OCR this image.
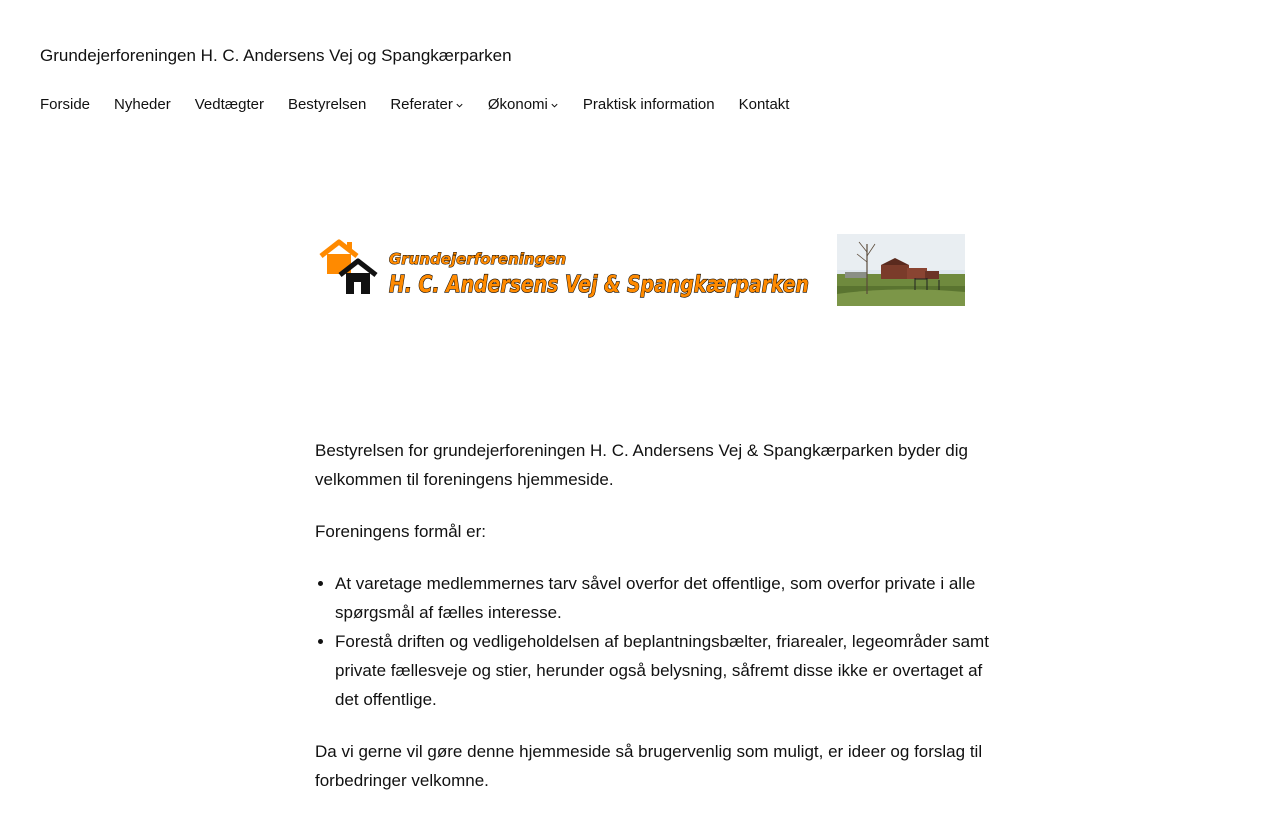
Grundejerforeningen H. C. Andersens Vej og Spangkærparken
Forside Nyheder Vedtægter Bestyrelsen Referater Økonomi Praktisk information Kontakt
Grundejerforeningen
H. C. Andersens Vej & Spangkærparken

Bestyrelsen for grundejerforeningen H. C. Andersens Vej & Spangkærparken byder dig velkommen til foreningens hjemmeside.

Foreningens formål er:

• At varetage medlemmernes tarv såvel overfor det offentlige, som overfor private i alle spørgsmål af fælles interesse.
• Forestå driften og vedligeholdelsen af beplantningsbælter, friarealer, legeområder samt private fællesveje og stier, herunder også belysning, såfremt disse ikke er overtaget af det offentlige.

Da vi gerne vil gøre denne hjemmeside så brugervenlig som muligt, er ideer og forslag til forbedringer velkomne.
